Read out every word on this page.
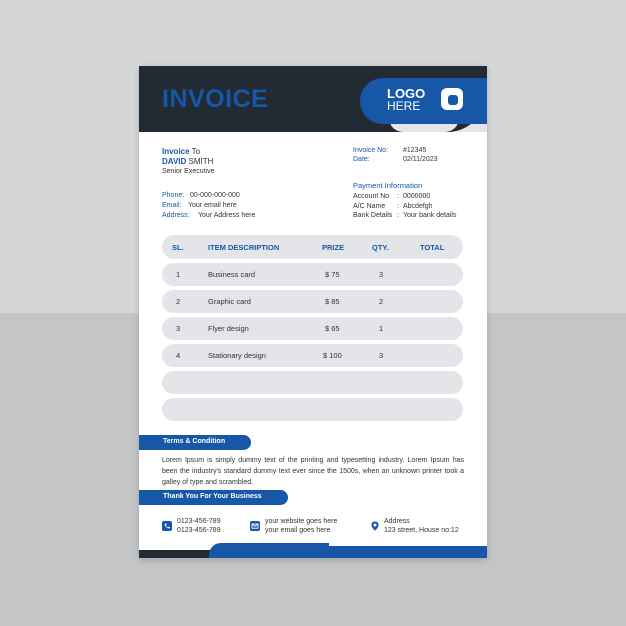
INVOICE	LOGO
HERE
Invoice To
DAVID SMITH
Senior Executive
Invoice No: #12345
Date:	02/11/2023
Phone: 00-000-000-000
Email: Your email here
Address: Your Address here
Payment Information
Account No : 0000000
A/C Name : Abcdefgh
Bank Details : Your bank details
SL.	ITEM DESCRIPTION	PRIZE	QTY.	TOTAL
1	Business card	$ 75	3
2	Graphic card	$ 85	2
3	Flyer design	$ 65	1
4	Stationary design	$ 100	3
Terms & Condition
Lorem Ipsum is simply dummy text of the printing and typesetting industry. Lorem Ipsum has been the industry's standard dummy text ever since the 1500s, when an unknown printer took a galley of type and scrambled.
Thank You For Your Business
0123-456-789
0123-456-789
your website goes here
your email goes here
Address
123 street, House no:12
